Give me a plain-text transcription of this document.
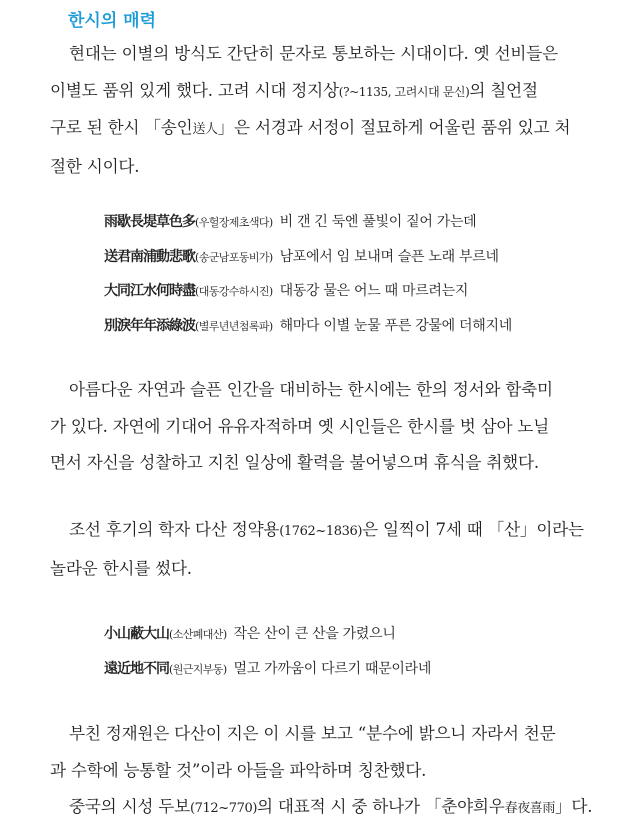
한시의 매력
현대는 이별의 방식도 간단히 문자로 통보하는 시대이다. 옛 선비들은
이별도 품위 있게 했다. 고려 시대 정지상(?~1135, 고려시대 문신)의 칠언절
구로 된 한시 「송인送人」은 서경과 서정이 절묘하게 어울린 품위 있고 처
절한 시이다.
雨歇長堤草色多(우헐장제초색다) 비 갠 긴 둑엔 풀빛이 짙어 가는데
送君南浦動悲歌(송군남포동비가) 남포에서 임 보내며 슬픈 노래 부르네
大同江水何時盡(대동강수하시진) 대동강 물은 어느 때 마르려는지
別淚年年添綠波(별루년년첨록파) 해마다 이별 눈물 푸른 강물에 더해지네
아름다운 자연과 슬픈 인간을 대비하는 한시에는 한의 정서와 함축미
가 있다. 자연에 기대어 유유자적하며 옛 시인들은 한시를 벗 삼아 노닐
면서 자신을 성찰하고 지친 일상에 활력을 불어넣으며 휴식을 취했다.
조선 후기의 학자 다산 정약용(1762~1836)은 일찍이 7세 때 「산」이라는
놀라운 한시를 썼다.
小山蔽大山(소산폐대산) 작은 산이 큰 산을 가렸으니
遠近地不同(원근지부동) 멀고 가까움이 다르기 때문이라네
부친 정재원은 다산이 지은 이 시를 보고 “분수에 밝으니 자라서 천문
과 수학에 능통할 것”이라 아들을 파악하며 칭찬했다.
중국의 시성 두보(712~770)의 대표적 시 중 하나가 「춘야희우春夜喜雨」다.
